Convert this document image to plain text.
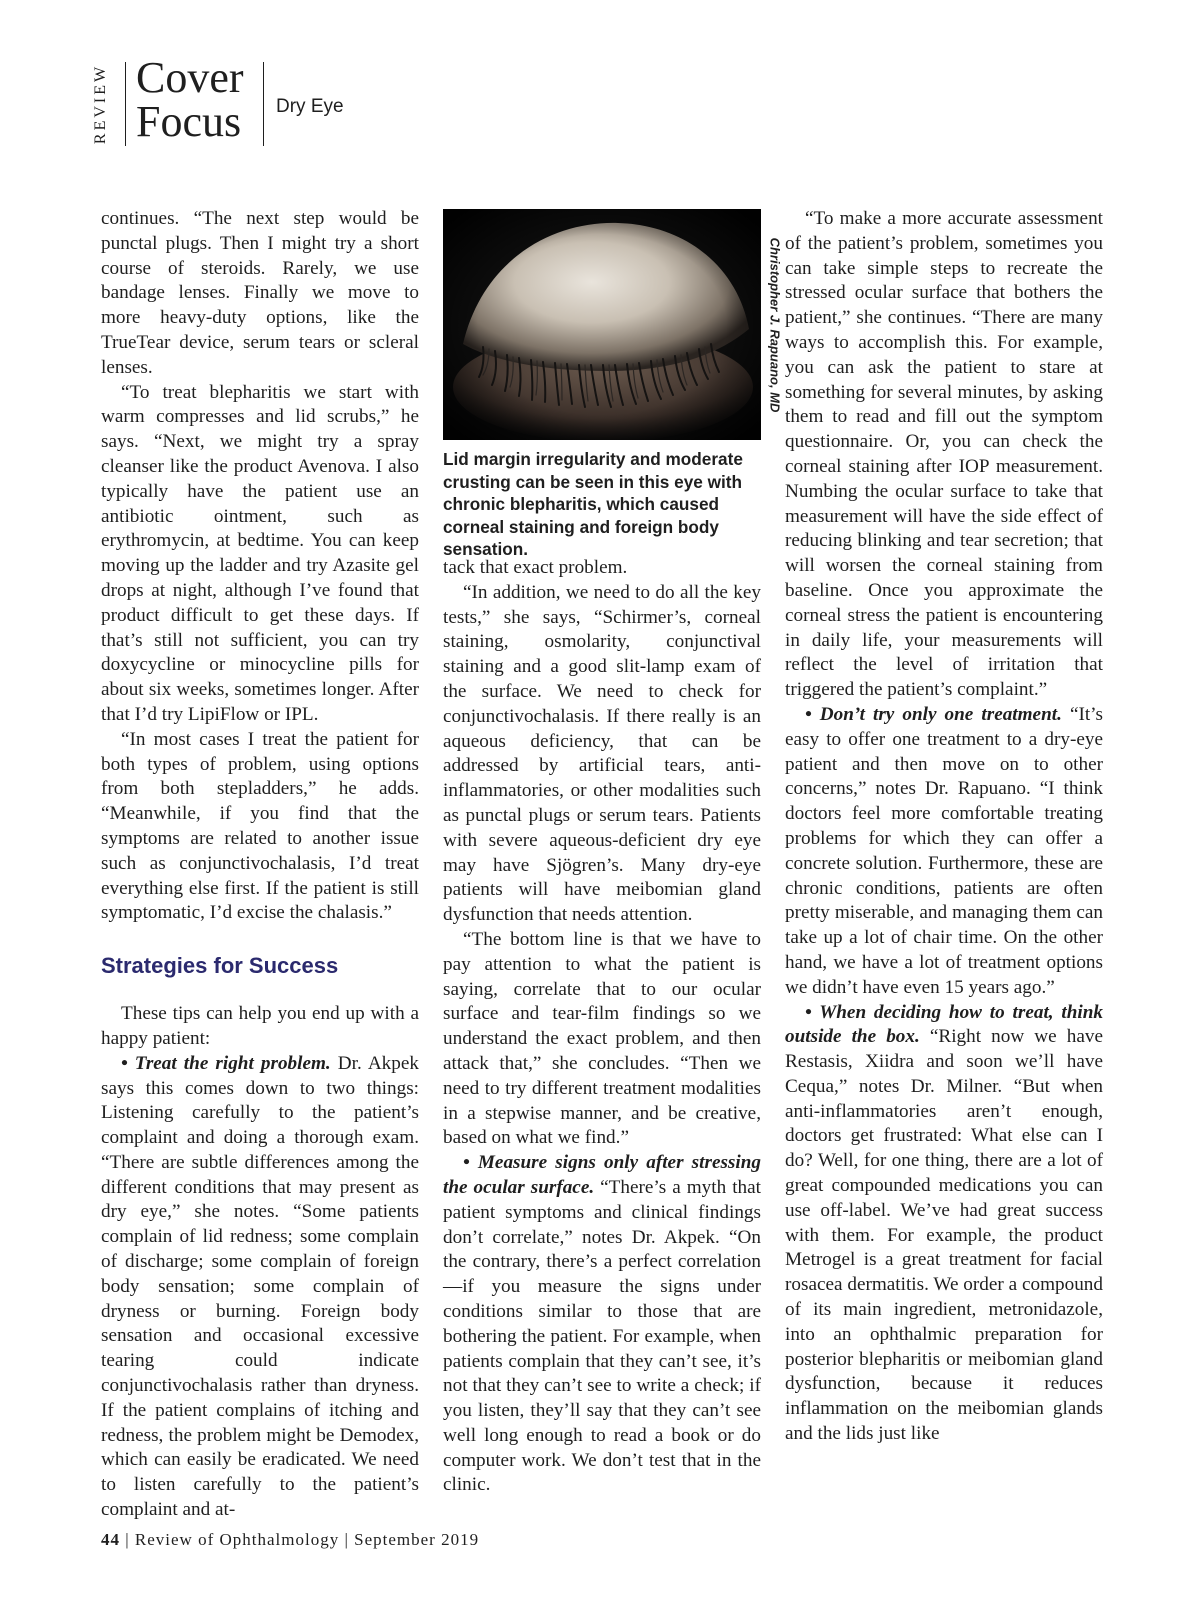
REVIEW Cover
Focus Dry Eye

continues. “The next step would be punctal plugs. Then I might try a short course of steroids. Rarely, we use bandage lenses. Finally we move to more heavy-duty options, like the TrueTear device, serum tears or scleral lenses.

“To treat blepharitis we start with warm compresses and lid scrubs,” he says. “Next, we might try a spray cleanser like the product Avenova. I also typically have the patient use an antibiotic ointment, such as erythromycin, at bedtime. You can keep moving up the ladder and try Azasite gel drops at night, although I’ve found that product difficult to get these days. If that’s still not sufficient, you can try doxycycline or minocycline pills for about six weeks, sometimes longer. After that I’d try LipiFlow or IPL.

“In most cases I treat the patient for both types of problem, using options from both stepladders,” he adds. “Meanwhile, if you find that the symptoms are related to another issue such as conjunctivochalasis, I’d treat everything else first. If the patient is still symptomatic, I’d excise the chalasis.”

Strategies for Success

These tips can help you end up with a happy patient:

• Treat the right problem. Dr. Akpek says this comes down to two things: Listening carefully to the patient’s complaint and doing a thorough exam. “There are subtle differences among the different conditions that may present as dry eye,” she notes. “Some patients complain of lid redness; some complain of discharge; some complain of foreign body sensation; some complain of dryness or burning. Foreign body sensation and occasional excessive tearing could indicate conjunctivochalasis rather than dryness. If the patient complains of itching and redness, the problem might be Demodex, which can easily be eradicated. We need to listen carefully to the patient’s complaint and at-

Christopher J. Rapuano, MD
Lid margin irregularity and moderate crusting can be seen in this eye with chronic blepharitis, which caused corneal staining and foreign body sensation.

tack that exact problem.

“In addition, we need to do all the key tests,” she says, “Schirmer’s, corneal staining, osmolarity, conjunctival staining and a good slit-lamp exam of the surface. We need to check for conjunctivochalasis. If there really is an aqueous deficiency, that can be addressed by artificial tears, anti-inflammatories, or other modalities such as punctal plugs or serum tears. Patients with severe aqueous-deficient dry eye may have Sjögren’s. Many dry-eye patients will have meibomian gland dysfunction that needs attention.

“The bottom line is that we have to pay attention to what the patient is saying, correlate that to our ocular surface and tear-film findings so we understand the exact problem, and then attack that,” she concludes. “Then we need to try different treatment modalities in a stepwise manner, and be creative, based on what we find.”

• Measure signs only after stressing the ocular surface. “There’s a myth that patient symptoms and clinical findings don’t correlate,” notes Dr. Akpek. “On the contrary, there’s a perfect correlation—if you measure the signs under conditions similar to those that are bothering the patient. For example, when patients complain that they can’t see, it’s not that they can’t see to write a check; if you listen, they’ll say that they can’t see well long enough to read a book or do computer work. We don’t test that in the clinic.

“To make a more accurate assessment of the patient’s problem, sometimes you can take simple steps to recreate the stressed ocular surface that bothers the patient,” she continues. “There are many ways to accomplish this. For example, you can ask the patient to stare at something for several minutes, by asking them to read and fill out the symptom questionnaire. Or, you can check the corneal staining after IOP measurement. Numbing the ocular surface to take that measurement will have the side effect of reducing blinking and tear secretion; that will worsen the corneal staining from baseline. Once you approximate the corneal stress the patient is encountering in daily life, your measurements will reflect the level of irritation that triggered the patient’s complaint.”

• Don’t try only one treatment. “It’s easy to offer one treatment to a dry-eye patient and then move on to other concerns,” notes Dr. Rapuano. “I think doctors feel more comfortable treating problems for which they can offer a concrete solution. Furthermore, these are chronic conditions, patients are often pretty miserable, and managing them can take up a lot of chair time. On the other hand, we have a lot of treatment options we didn’t have even 15 years ago.”

• When deciding how to treat, think outside the box. “Right now we have Restasis, Xiidra and soon we’ll have Cequa,” notes Dr. Milner. “But when anti-inflammatories aren’t enough, doctors get frustrated: What else can I do? Well, for one thing, there are a lot of great compounded medications you can use off-label. We’ve had great success with them. For example, the product Metrogel is a great treatment for facial rosacea dermatitis. We order a compound of its main ingredient, metronidazole, into an ophthalmic preparation for posterior blepharitis or meibomian gland dysfunction, because it reduces inflammation on the meibomian glands and the lids just like

44 | Review of Ophthalmology | September 2019
